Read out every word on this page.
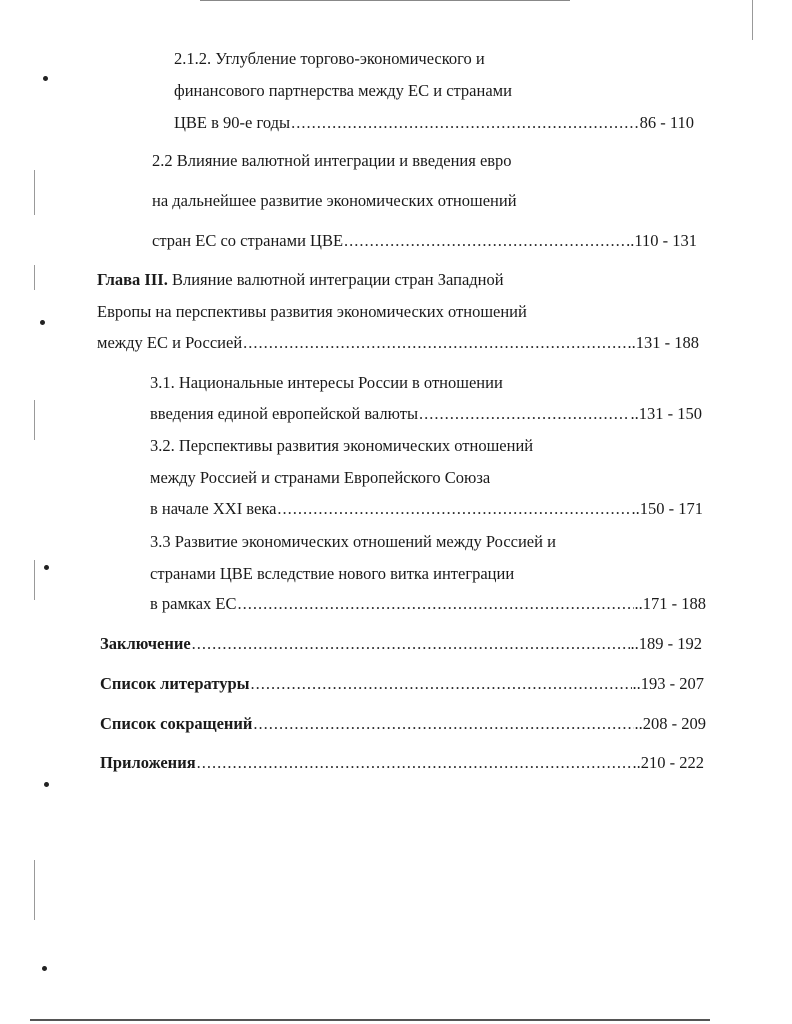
2.1.2. Углубление торгово-экономического и
финансового партнерства между ЕС и странами
ЦВЕ в 90-е годы .....	86 - 110
2.2 Влияние валютной интеграции и введения евро
на дальнейшее развитие экономических отношений
стран ЕС со странами ЦВЕ .....	..110 - 131
Глава III. Влияние валютной интеграции стран Западной
Европы на перспективы развития экономических отношений
между ЕС и Россией .....	..131 - 188
3.1. Национальные интересы России в отношении
введения единой европейской валюты .....	..131 - 150
3.2. Перспективы развития экономических отношений
между Россией и странами Европейского Союза
в начале XXI века .....	..150 - 171
3.3 Развитие экономических отношений между Россией и
странами ЦВЕ вследствие нового витка интеграции
в рамках ЕС .....	..171 - 188
Заключение .....	..189 - 192
Список литературы .....	..193 - 207
Список сокращений .....	..208 - 209
Приложения .....	..210 - 222
